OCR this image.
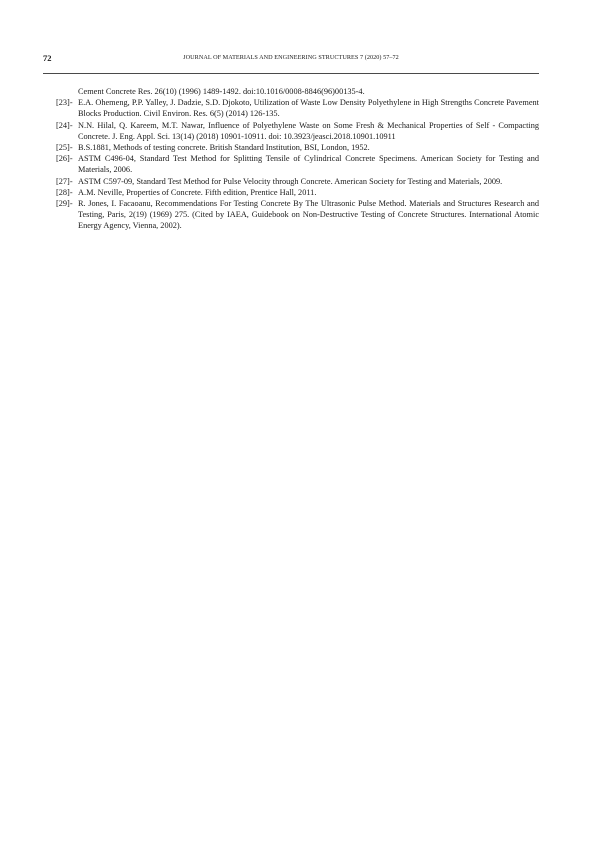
72	JOURNAL OF MATERIALS AND ENGINEERING STRUCTURES 7 (2020) 57–72
Cement Concrete Res. 26(10) (1996) 1489-1492. doi:10.1016/0008-8846(96)00135-4.
[23]- E.A. Ohemeng, P.P. Yalley, J. Dadzie, S.D. Djokoto, Utilization of Waste Low Density Polyethylene in High Strengths Concrete Pavement Blocks Production. Civil Environ. Res. 6(5) (2014) 126-135.
[24]- N.N. Hilal, Q. Kareem, M.T. Nawar, Influence of Polyethylene Waste on Some Fresh & Mechanical Properties of Self - Compacting Concrete. J. Eng. Appl. Sci. 13(14) (2018) 10901-10911. doi: 10.3923/jeasci.2018.10901.10911
[25]- B.S.1881, Methods of testing concrete. British Standard Institution, BSI, London, 1952.
[26]- ASTM C496-04, Standard Test Method for Splitting Tensile of Cylindrical Concrete Specimens. American Society for Testing and Materials, 2006.
[27]- ASTM C597-09, Standard Test Method for Pulse Velocity through Concrete. American Society for Testing and Materials, 2009.
[28]- A.M. Neville, Properties of Concrete. Fifth edition, Prentice Hall, 2011.
[29]- R. Jones, I. Facaoanu, Recommendations For Testing Concrete By The Ultrasonic Pulse Method. Materials and Structures Research and Testing, Paris, 2(19) (1969) 275. (Cited by IAEA, Guidebook on Non-Destructive Testing of Concrete Structures. International Atomic Energy Agency, Vienna, 2002).
